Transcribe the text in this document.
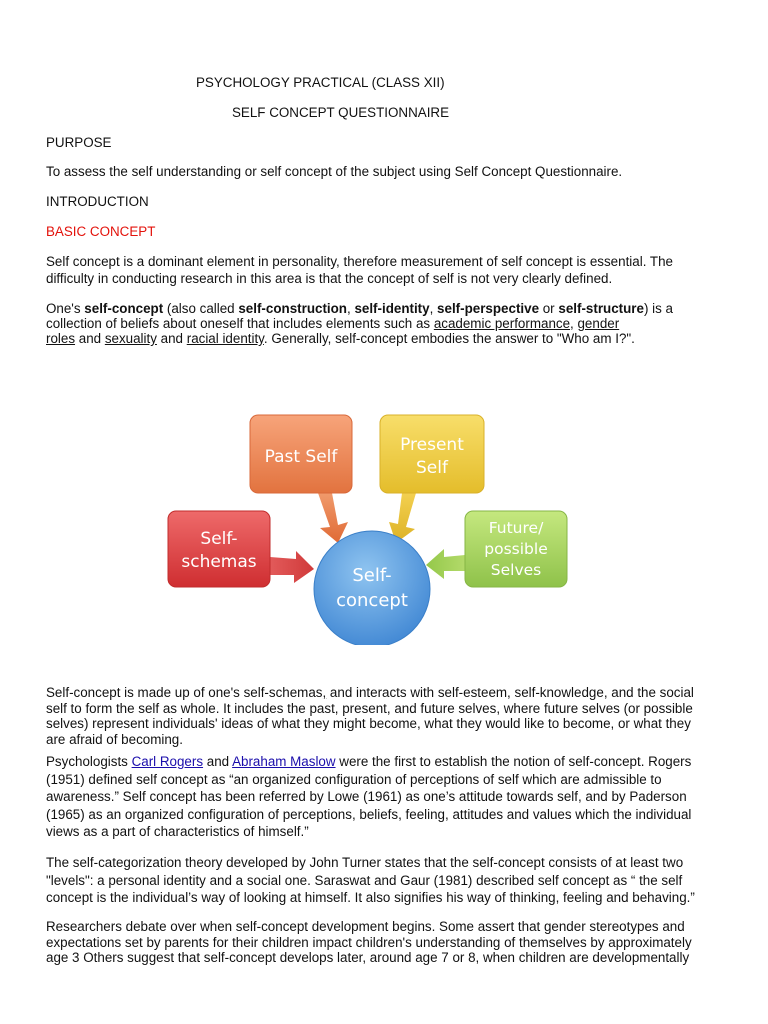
PSYCHOLOGY PRACTICAL (CLASS XII)
SELF CONCEPT QUESTIONNAIRE
PURPOSE
To assess the self understanding or self concept of the subject using Self Concept Questionnaire.
INTRODUCTION
BASIC CONCEPT
Self concept is a dominant element in personality, therefore measurement of self concept is essential. The
difficulty in conducting research in this area is that the concept of self is not very clearly defined.
One's self-concept (also called self-construction, self-identity, self-perspective or self-structure) is a
collection of beliefs about oneself that includes elements such as academic performance, gender
roles and sexuality and racial identity. Generally, self-concept embodies the answer to "Who am I?".
Past Self
Present
Self
Self-
schemas
Future/
possible
Selves
Self-
concept
Self-concept is made up of one's self-schemas, and interacts with self-esteem, self-knowledge, and the social
self to form the self as whole. It includes the past, present, and future selves, where future selves (or possible
selves) represent individuals' ideas of what they might become, what they would like to become, or what they
are afraid of becoming.
Psychologists Carl Rogers and Abraham Maslow were the first to establish the notion of self-concept. Rogers
(1951) defined self concept as “an organized configuration of perceptions of self which are admissible to
awareness.” Self concept has been referred by Lowe (1961) as one’s attitude towards self, and by Paderson
(1965) as an organized configuration of perceptions, beliefs, feeling, attitudes and values which the individual
views as a part of characteristics of himself.”
The self-categorization theory developed by John Turner states that the self-concept consists of at least two
"levels": a personal identity and a social one. Saraswat and Gaur (1981) described self concept as “ the self
concept is the individual’s way of looking at himself. It also signifies his way of thinking, feeling and behaving.”
Researchers debate over when self-concept development begins. Some assert that gender stereotypes and
expectations set by parents for their children impact children's understanding of themselves by approximately
age 3 Others suggest that self-concept develops later, around age 7 or 8, when children are developmentally
